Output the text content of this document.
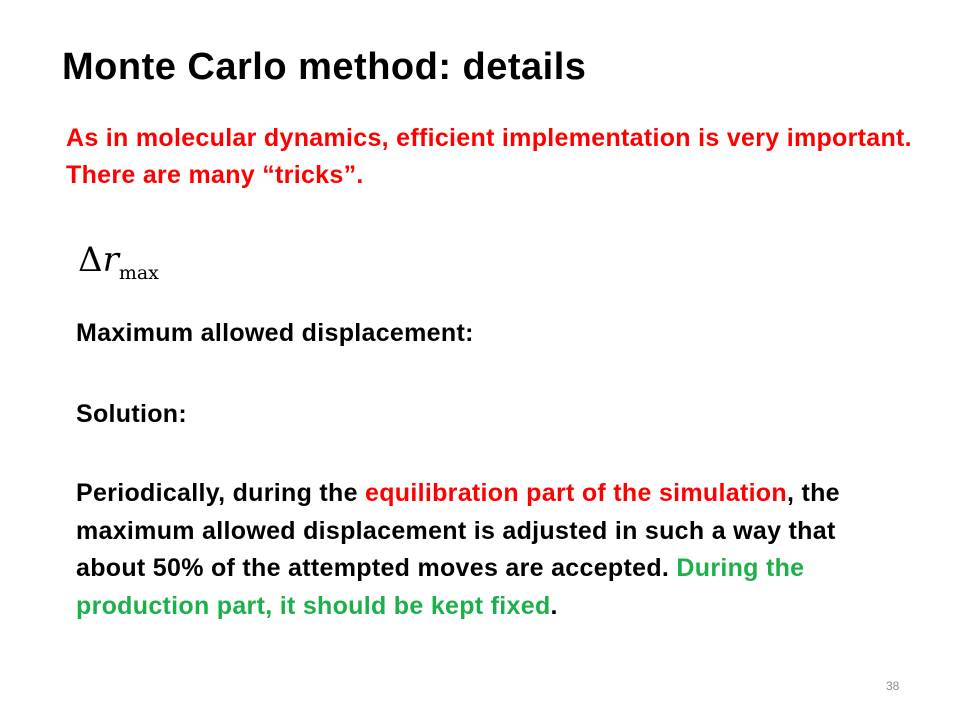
Monte Carlo method: details
As in molecular dynamics, efficient implementation is very important. There are many “tricks”.
$\Delta r_{max}$
Maximum allowed displacement:
Solution:
Periodically, during the equilibration part of the simulation, the maximum allowed displacement is adjusted in such a way that about 50% of the attempted moves are accepted. During the production part, it should be kept fixed.
38
